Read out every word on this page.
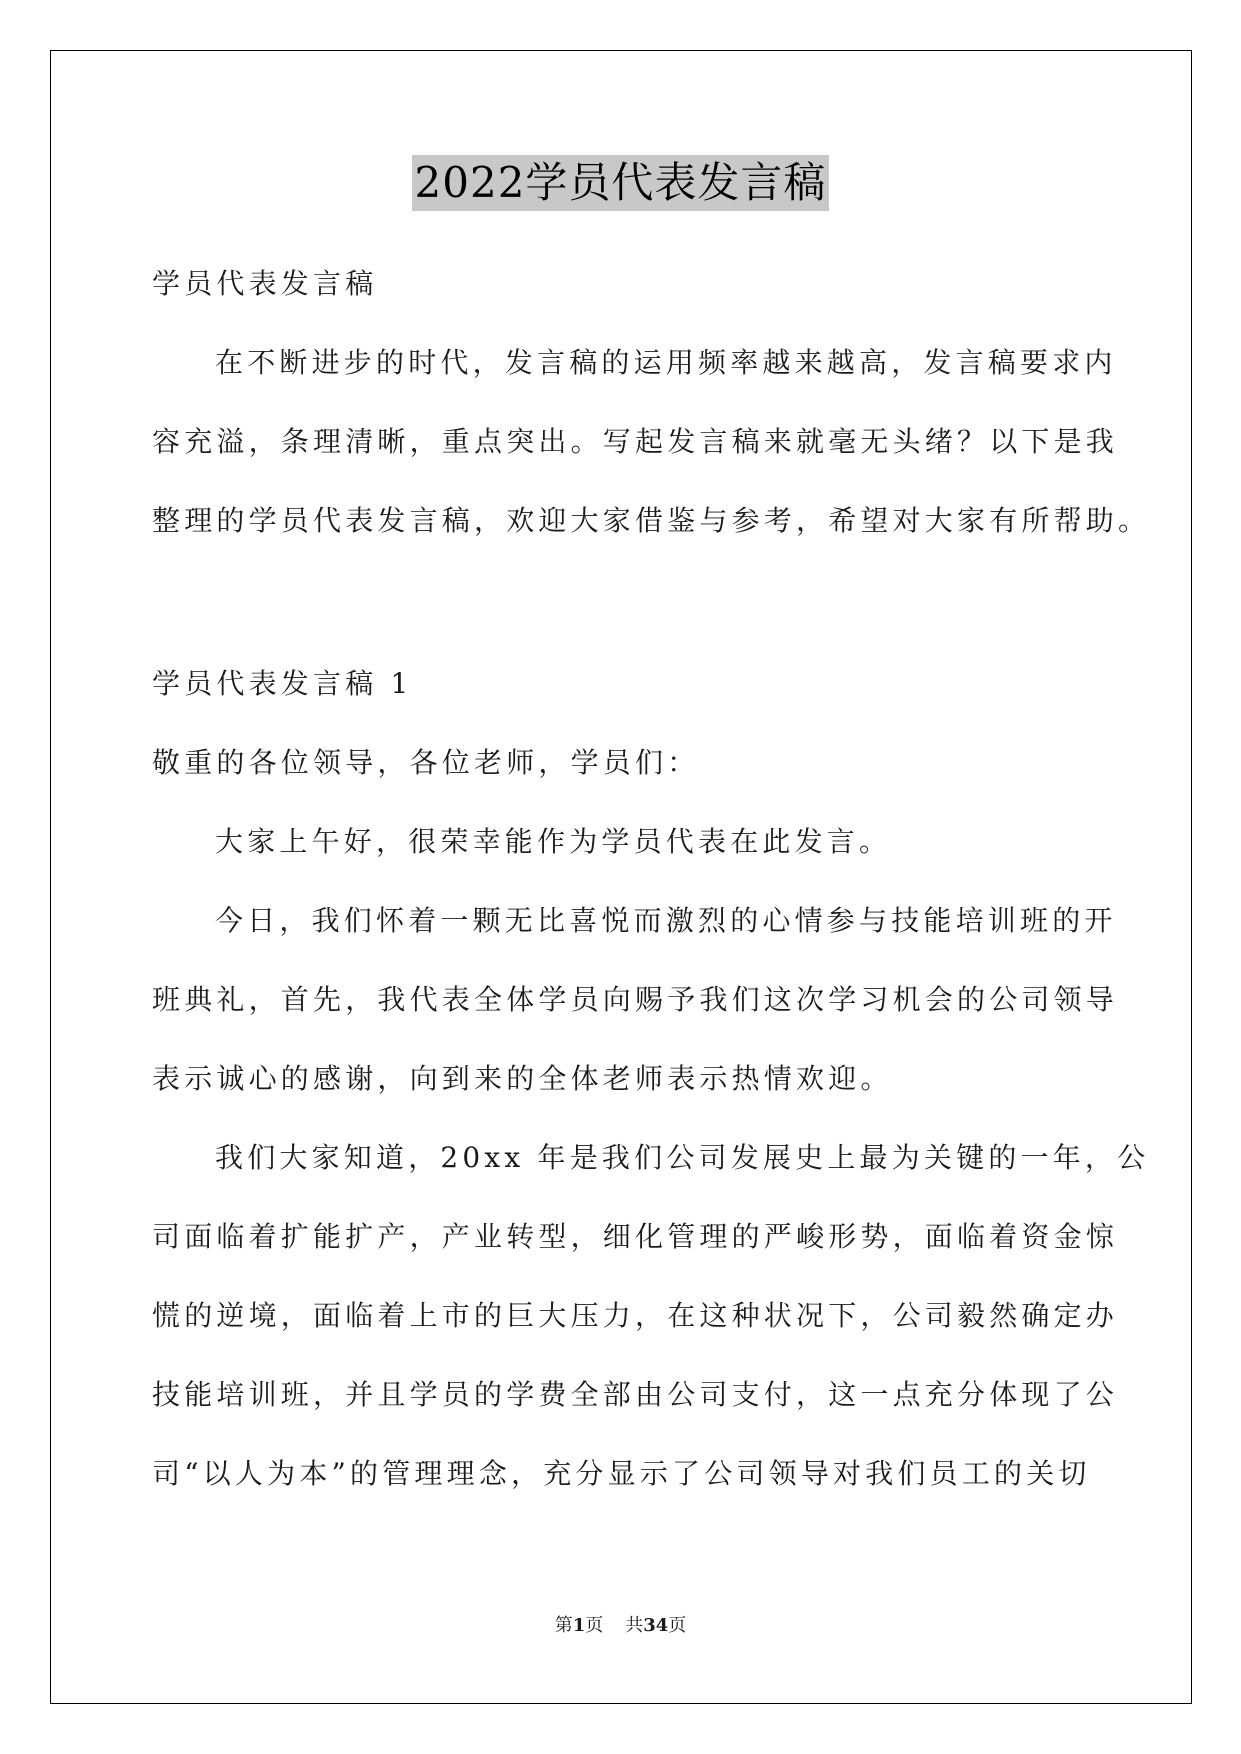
2022学员代表发言稿
学员代表发言稿
在不断进步的时代，发言稿的运用频率越来越高，发言稿要求内
容充溢，条理清晰，重点突出。写起发言稿来就毫无头绪？以下是我
整理的学员代表发言稿，欢迎大家借鉴与参考，希望对大家有所帮助。
学员代表发言稿 1
敬重的各位领导，各位老师，学员们：
大家上午好，很荣幸能作为学员代表在此发言。
今日，我们怀着一颗无比喜悦而激烈的心情参与技能培训班的开
班典礼，首先，我代表全体学员向赐予我们这次学习机会的公司领导
表示诚心的感谢，向到来的全体老师表示热情欢迎。
我们大家知道，20xx 年是我们公司发展史上最为关键的一年，公
司面临着扩能扩产，产业转型，细化管理的严峻形势，面临着资金惊
慌的逆境，面临着上市的巨大压力，在这种状况下，公司毅然确定办
技能培训班，并且学员的学费全部由公司支付，这一点充分体现了公
司“以人为本”的管理理念，充分显示了公司领导对我们员工的关切
第1页 共34页
